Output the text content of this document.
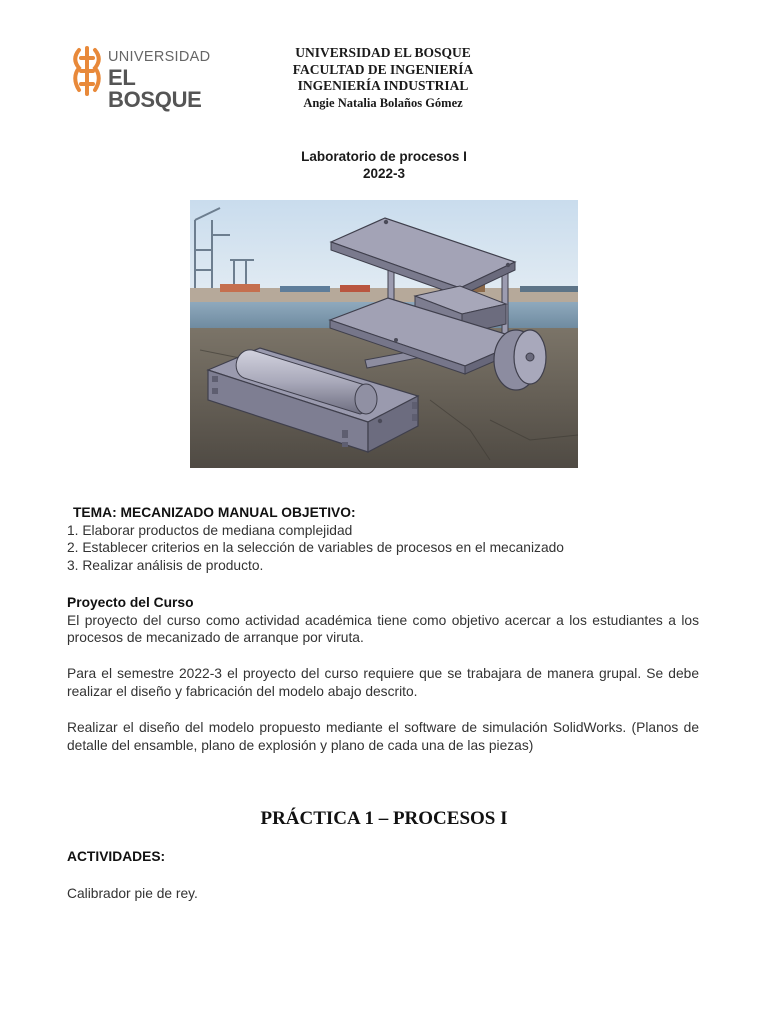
UNIVERSIDAD
EL BOSQUE
UNIVERSIDAD EL BOSQUE
FACULTAD DE INGENIERÍA
INGENIERÍA INDUSTRIAL
Angie Natalia Bolaños Gómez
Laboratorio de procesos I
2022-3
TEMA: MECANIZADO MANUAL OBJETIVO:
1. Elaborar productos de mediana complejidad
2. Establecer criterios en la selección de variables de procesos en el mecanizado
3. Realizar análisis de producto.
Proyecto del Curso
El proyecto del curso como actividad académica tiene como objetivo acercar a los estudiantes a los procesos de mecanizado de arranque por viruta.
Para el semestre 2022-3 el proyecto del curso requiere que se trabajara de manera grupal. Se debe realizar el diseño y fabricación del modelo abajo descrito.
Realizar el diseño del modelo propuesto mediante el software de simulación SolidWorks. (Planos de detalle del ensamble, plano de explosión y plano de cada una de las piezas)
PRÁCTICA 1 – PROCESOS I
ACTIVIDADES:
Calibrador pie de rey.
